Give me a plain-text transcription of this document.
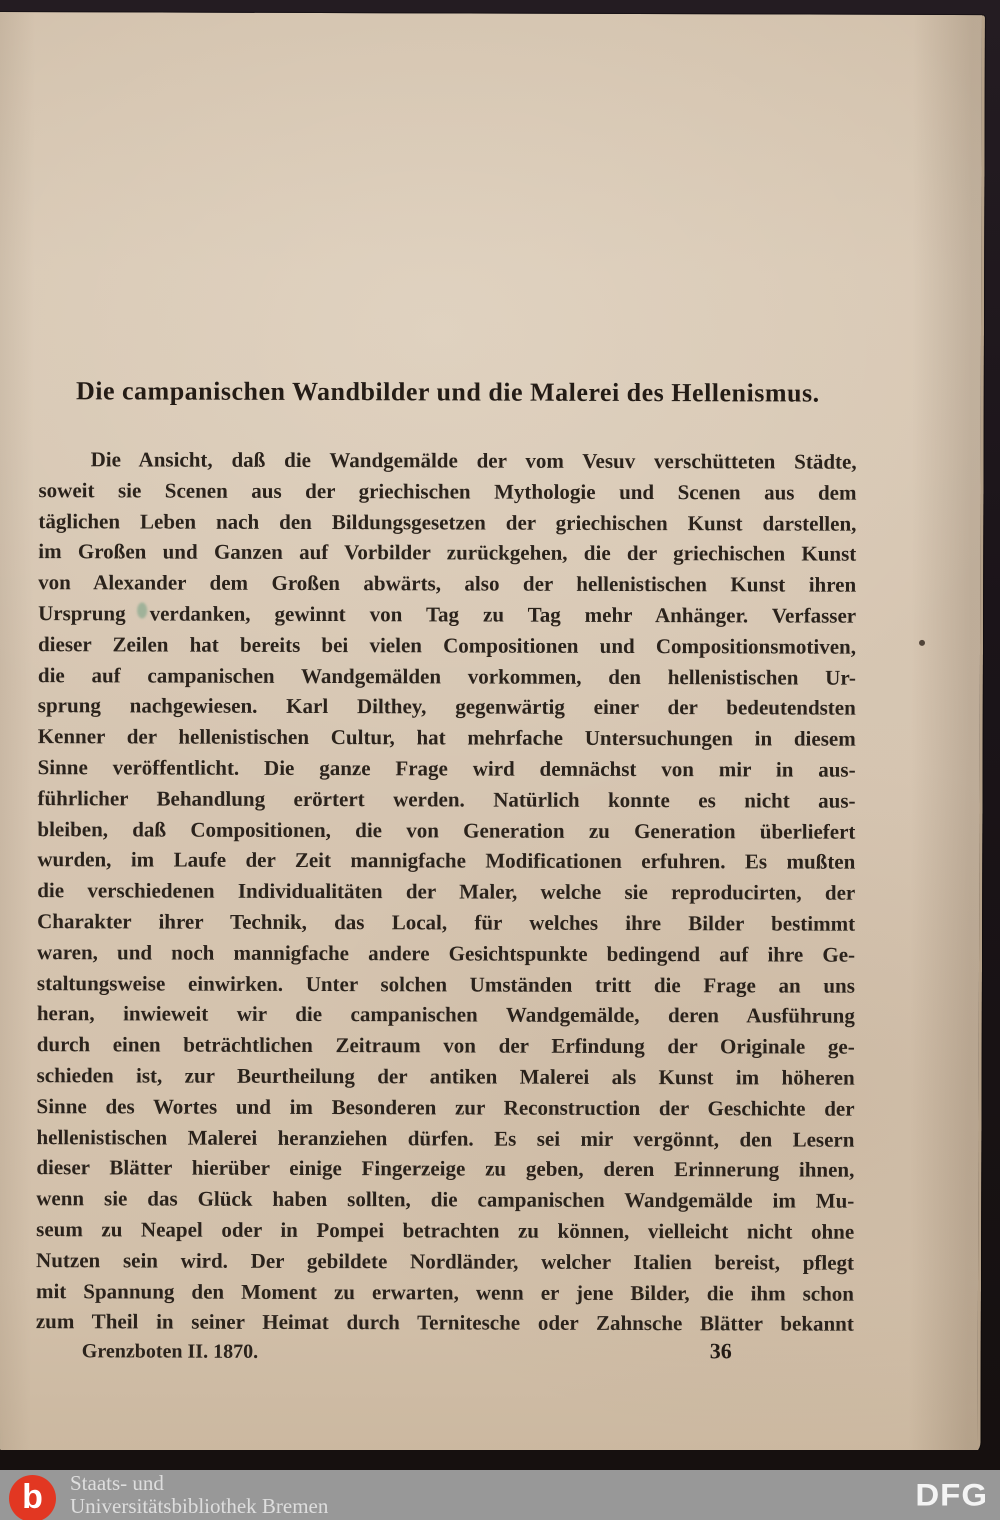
Die campanischen Wandbilder und die Malerei des Hellenismus.
Die Ansicht, daß die Wandgemälde der vom Vesuv verschütteten Städte,
soweit sie Scenen aus der griechischen Mythologie und Scenen aus dem
täglichen Leben nach den Bildungsgesetzen der griechischen Kunst darstellen,
im Großen und Ganzen auf Vorbilder zurückgehen, die der griechischen Kunst
von Alexander dem Großen abwärts, also der hellenistischen Kunst ihren
Ursprung verdanken, gewinnt von Tag zu Tag mehr Anhänger. Verfasser
dieser Zeilen hat bereits bei vielen Compositionen und Compositionsmotiven,
die auf campanischen Wandgemälden vorkommen, den hellenistischen Ur-
sprung nachgewiesen. Karl Dilthey, gegenwärtig einer der bedeutendsten
Kenner der hellenistischen Cultur, hat mehrfache Untersuchungen in diesem
Sinne veröffentlicht. Die ganze Frage wird demnächst von mir in aus-
führlicher Behandlung erörtert werden. Natürlich konnte es nicht aus-
bleiben, daß Compositionen, die von Generation zu Generation überliefert
wurden, im Laufe der Zeit mannigfache Modificationen erfuhren. Es mußten
die verschiedenen Individualitäten der Maler, welche sie reproducirten, der
Charakter ihrer Technik, das Local, für welches ihre Bilder bestimmt
waren, und noch mannigfache andere Gesichtspunkte bedingend auf ihre Ge-
staltungsweise einwirken. Unter solchen Umständen tritt die Frage an uns
heran, inwieweit wir die campanischen Wandgemälde, deren Ausführung
durch einen beträchtlichen Zeitraum von der Erfindung der Originale ge-
schieden ist, zur Beurtheilung der antiken Malerei als Kunst im höheren
Sinne des Wortes und im Besonderen zur Reconstruction der Geschichte der
hellenistischen Malerei heranziehen dürfen. Es sei mir vergönnt, den Lesern
dieser Blätter hierüber einige Fingerzeige zu geben, deren Erinnerung ihnen,
wenn sie das Glück haben sollten, die campanischen Wandgemälde im Mu-
seum zu Neapel oder in Pompei betrachten zu können, vielleicht nicht ohne
Nutzen sein wird. Der gebildete Nordländer, welcher Italien bereist, pflegt
mit Spannung den Moment zu erwarten, wenn er jene Bilder, die ihm schon
zum Theil in seiner Heimat durch Ternitesche oder Zahnsche Blätter bekannt
Grenzboten II. 1870.	36
b Staats- und
Universitätsbibliothek Bremen	DFG
